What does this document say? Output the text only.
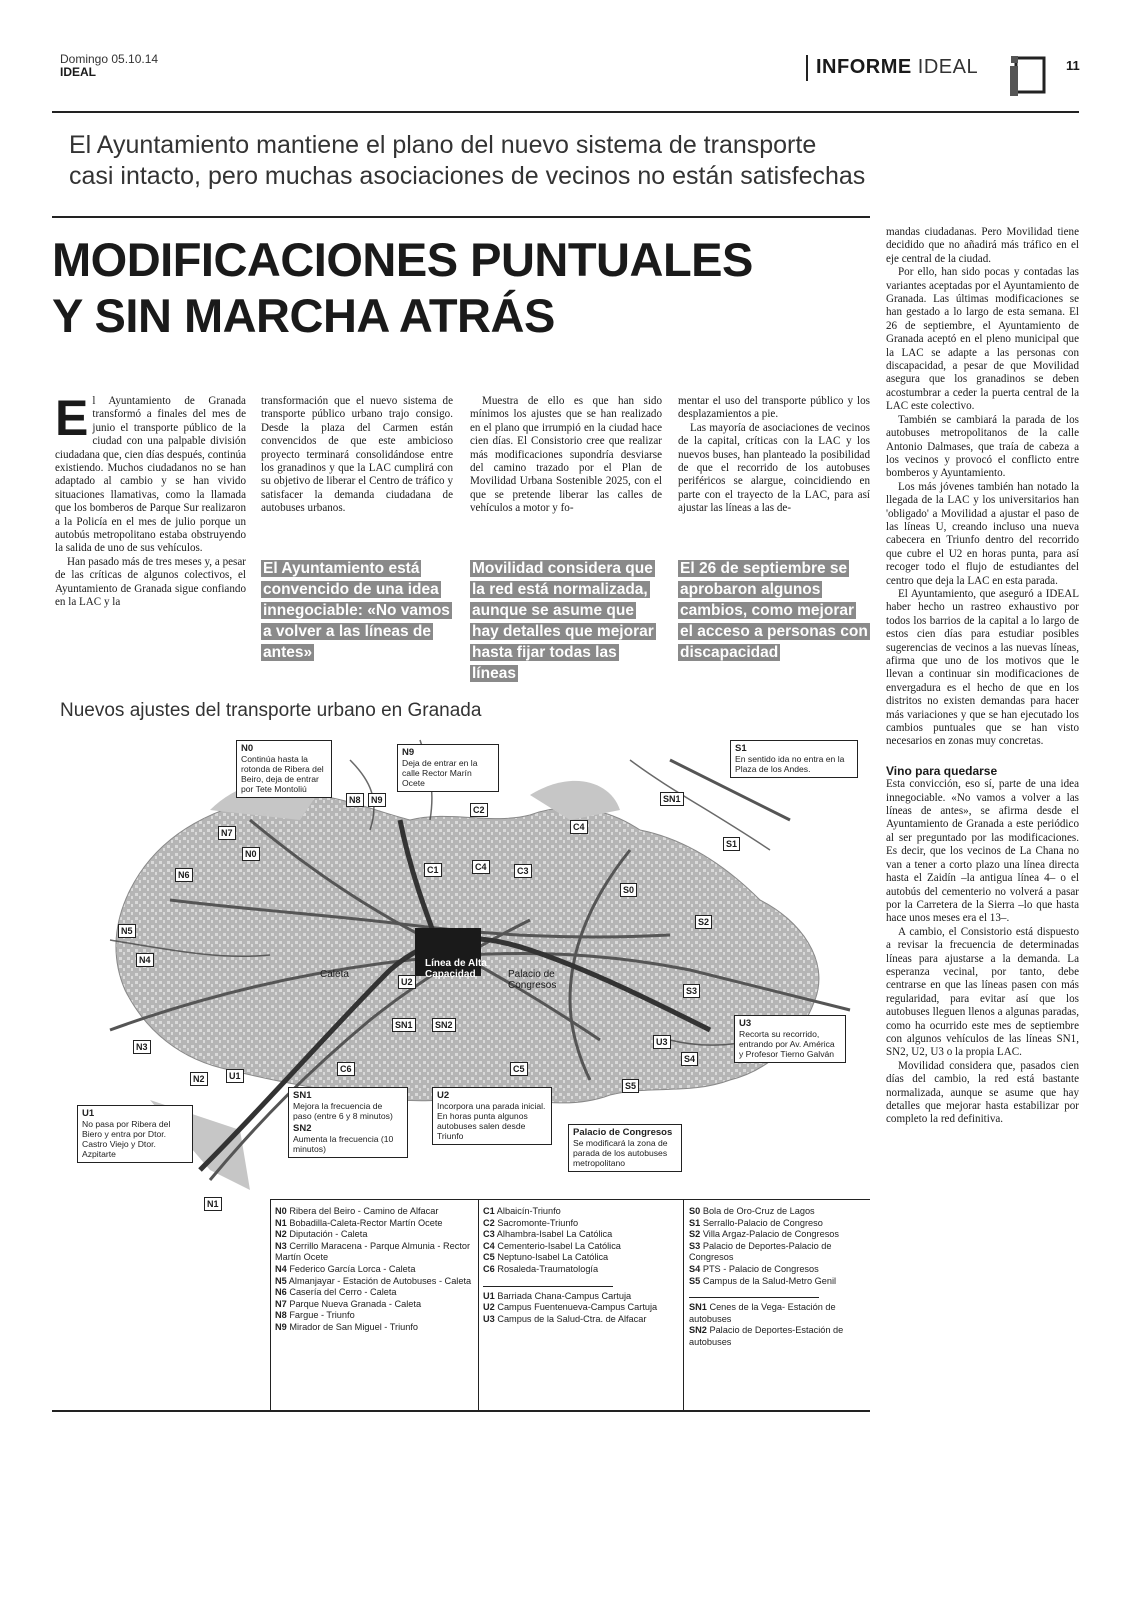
Domingo 05.10.14
IDEAL	INFORME IDEAL	11
El Ayuntamiento mantiene el plano del nuevo sistema de transporte
casi intacto, pero muchas asociaciones de vecinos no están satisfechas
MODIFICACIONES PUNTUALES
Y SIN MARCHA ATRÁS

El Ayuntamiento de Granada transformó a finales del mes de junio el transporte público de la ciudad con una palpable división ciudadana que, cien días después, continúa existiendo. Muchos ciudadanos no se han adaptado al cambio y se han vivido situaciones llamativas, como la llamada que los bomberos de Parque Sur realizaron a la Policía en el mes de julio porque un autobús metropolitano estaba obstruyendo la salida de uno de sus vehículos.

Han pasado más de tres meses y, a pesar de las críticas de algunos colectivos, el Ayuntamiento de Granada sigue confiando en la LAC y la

transformación que el nuevo sistema de transporte público urbano trajo consigo. Desde la plaza del Carmen están convencidos de que este ambicioso proyecto terminará consolidándose entre los granadinos y que la LAC cumplirá con su objetivo de liberar el Centro de tráfico y satisfacer la demanda ciudadana de autobuses urbanos.

Muestra de ello es que han sido mínimos los ajustes que se han realizado en el plano que irrumpió en la ciudad hace cien días. El Consistorio cree que realizar más modificaciones supondría desviarse del camino trazado por el Plan de Movilidad Urbana Sostenible 2025, con el que se pretende liberar las calles de vehículos a motor y fo-

mentar el uso del transporte público y los desplazamientos a pie.

Las mayoría de asociaciones de vecinos de la capital, críticas con la LAC y los nuevos buses, han planteado la posibilidad de que el recorrido de los autobuses periféricos se alargue, coincidiendo en parte con el trayecto de la LAC, para así ajustar las líneas a las de-

El Ayuntamiento está convencido de una idea innegociable: «No vamos a volver a las líneas de antes»
Movilidad considera que la red está normalizada, aunque se asume que hay detalles que mejorar hasta fijar todas las líneas
El 26 de septiembre se aprobaron algunos cambios, como mejorar el acceso a personas con discapacidad

mandas ciudadanas. Pero Movilidad tiene decidido que no añadirá más tráfico en el eje central de la ciudad.

Por ello, han sido pocas y contadas las variantes aceptadas por el Ayuntamiento de Granada. Las últimas modificaciones se han gestado a lo largo de esta semana. El 26 de septiembre, el Ayuntamiento de Granada aceptó en el pleno municipal que la LAC se adapte a las personas con discapacidad, a pesar de que Movilidad asegura que los granadinos se deben acostumbrar a ceder la puerta central de la LAC este colectivo.

También se cambiará la parada de los autobuses metropolitanos de la calle Antonio Dalmases, que traía de cabeza a los vecinos y provocó el conflicto entre bomberos y Ayuntamiento.

Los más jóvenes también han notado la llegada de la LAC y los universitarios han 'obligado' a Movilidad a ajustar el paso de las líneas U, creando incluso una nueva cabecera en Triunfo dentro del recorrido que cubre el U2 en horas punta, para así recoger todo el flujo de estudiantes del centro que deja la LAC en esta parada.

El Ayuntamiento, que aseguró a IDEAL haber hecho un rastreo exhaustivo por todos los barrios de la capital a lo largo de estos cien días para estudiar posibles sugerencias de vecinos a las nuevas líneas, afirma que uno de los motivos que le llevan a continuar sin modificaciones de envergadura es el hecho de que en los distritos no existen demandas para hacer más variaciones y que se han ejecutado los cambios puntuales que se han visto necesarios en zonas muy concretas.

Vino para quedarse

Esta convicción, eso sí, parte de una idea innegociable. «No vamos a volver a las líneas de antes», se afirma desde el Ayuntamiento de Granada a este periódico al ser preguntado por las modificaciones. Es decir, que los vecinos de La Chana no van a tener a corto plazo una línea directa hasta el Zaidín –la antigua línea 4– o el autobús del cementerio no volverá a pasar por la Carretera de la Sierra –lo que hasta hace unos meses era el 13–.

A cambio, el Consistorio está dispuesto a revisar la frecuencia de determinadas líneas para ajustarse a la demanda. La esperanza vecinal, por tanto, debe centrarse en que las líneas pasen con más regularidad, para evitar así que los autobuses lleguen llenos a algunas paradas, como ha ocurrido este mes de septiembre con algunos vehículos de las líneas SN1, SN2, U2, U3 o la propia LAC.

Movilidad considera que, pasados cien días del cambio, la red está bastante normalizada, aunque se asume que hay detalles que mejorar hasta estabilizar por completo la red definitiva.

Nuevos ajustes del transporte urbano en Granada
Línea de Alta Capacidad
Caleta	Palacio de Congresos
N7
N0
N6
N5
N4
N3
N2	U1
N1
N8	N9
C2
C1	C4	C3
C4
SN1
S1
S0
S2
S3
U3
S4
S5
C5
C6
SN1	SN2
U2
N0
Continúa hasta la rotonda de Ribera del Beiro, deja de entrar por Tete Montoliú
N9
Deja de entrar en la calle Rector Marín Ocete
S1
En sentido ida no entra en la Plaza de los Andes.
U3
Recorta su recorrido, entrando por Av. América y Profesor Tierno Galván
U1
No pasa por Ribera del Biero y entra por Dtor. Castro Viejo y Dtor. Azpitarte
SN1
Mejora la frecuencia de paso (entre 6 y 8 minutos)
SN2
Aumenta la frecuencia (10 minutos)
U2
Incorpora una parada inicial. En horas punta algunos autobuses salen desde Triunfo	Palacio de Congresos
Se modificará la zona de parada de los autobuses metropolitano
N0 Ribera del Beiro - Camino de Alfacar
N1 Bobadilla-Caleta-Rector Martín Ocete
N2 Diputación - Caleta
N3 Cerrillo Maracena - Parque Almunia - Rector Martín Ocete
N4 Federico García Lorca - Caleta
N5 Almanjayar - Estación de Autobuses - Caleta
N6 Casería del Cerro - Caleta
N7 Parque Nueva Granada - Caleta
N8 Fargue - Triunfo
N9 Mirador de San Miguel - Triunfo
C1 Albaicín-Triunfo
C2 Sacromonte-Triunfo
C3 Alhambra-Isabel La Católica
C4 Cementerio-Isabel La Católica
C5 Neptuno-Isabel La Católica
C6 Rosaleda-Traumatología
U1 Barriada Chana-Campus Cartuja
U2 Campus Fuentenueva-Campus Cartuja
U3 Campus de la Salud-Ctra. de Alfacar
S0 Bola de Oro-Cruz de Lagos
S1 Serrallo-Palacio de Congreso
S2 Villa Argaz-Palacio de Congresos
S3 Palacio de Deportes-Palacio de Congresos
S4 PTS - Palacio de Congresos
S5 Campus de la Salud-Metro Genil
SN1 Cenes de la Vega- Estación de autobuses
SN2 Palacio de Deportes-Estación de autobuses
